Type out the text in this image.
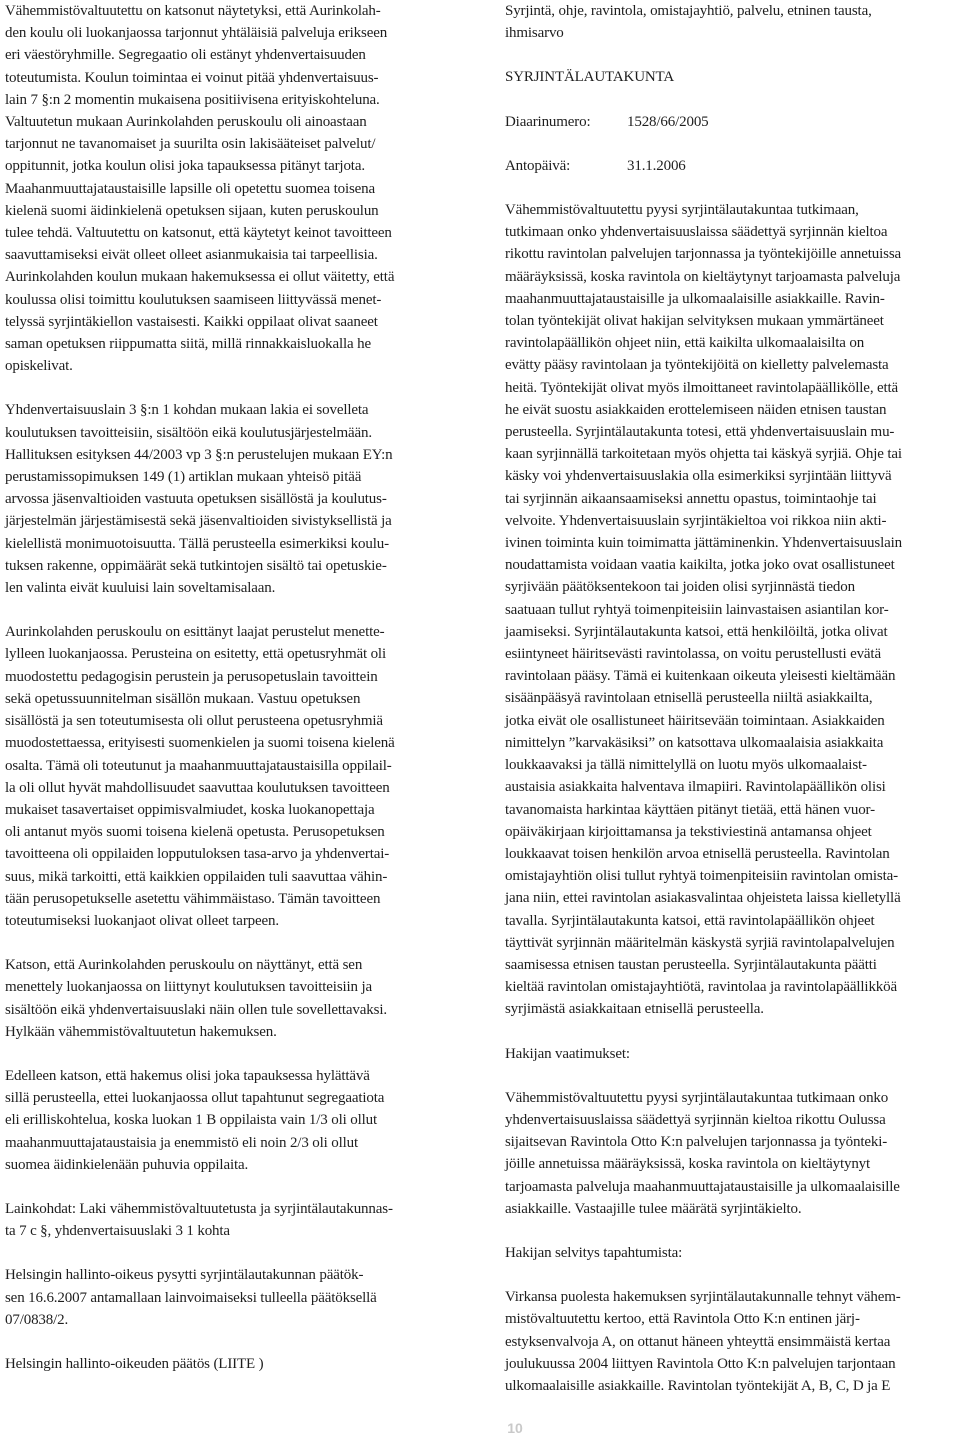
Vähemmistövaltuutettu on katsonut näytetyksi, että Aurinkolah-
den koulu oli luokanjaossa tarjonnut yhtäläisiä palveluja erikseen
eri väestöryhmille. Segregaatio oli estänyt yhdenvertaisuuden
toteutumista. Koulun toimintaa ei voinut pitää yhdenvertaisuus-
lain 7 §:n 2 momentin mukaisena positiivisena erityiskohteluna.

Valtuutetun mukaan Aurinkolahden peruskoulu oli ainoastaan
tarjonnut ne tavanomaiset ja suurilta osin lakisääteiset palvelut/
oppitunnit, jotka koulun olisi joka tapauksessa pitänyt tarjota.

Maahanmuuttajataustaisille lapsille oli opetettu suomea toisena
kielenä suomi äidinkielenä opetuksen sijaan, kuten peruskoulun
tulee tehdä. Valtuutettu on katsonut, että käytetyt keinot tavoitteen
saavuttamiseksi eivät olleet olleet asianmukaisia tai tarpeellisia.

Aurinkolahden koulun mukaan hakemuksessa ei ollut väitetty, että
koulussa olisi toimittu koulutuksen saamiseen liittyvässä menet-
telyssä syrjintäkiellon vastaisesti. Kaikki oppilaat olivat saaneet
saman opetuksen riippumatta siitä, millä rinnakkaisluokalla he
opiskelivat.

Yhdenvertaisuuslain 3 §:n 1 kohdan mukaan lakia ei sovelleta
koulutuksen tavoitteisiin, sisältöön eikä koulutusjärjestelmään.
Hallituksen esityksen 44/2003 vp 3 §:n perustelujen mukaan EY:n
perustamissopimuksen 149 (1) artiklan mukaan yhteisö pitää
arvossa jäsenvaltioiden vastuuta opetuksen sisällöstä ja koulutus-
järjestelmän järjestämisestä sekä jäsenvaltioiden sivistyksellistä ja
kielellistä monimuotoisuutta. Tällä perusteella esimerkiksi koulu-
tuksen rakenne, oppimäärät sekä tutkintojen sisältö tai opetuskie-
len valinta eivät kuuluisi lain soveltamisalaan.

Aurinkolahden peruskoulu on esittänyt laajat perustelut menette-
lylleen luokanjaossa. Perusteina on esitetty, että opetusryhmät oli
muodostettu pedagogisin perustein ja perusopetuslain tavoittein
sekä opetussuunnitelman sisällön mukaan. Vastuu opetuksen
sisällöstä ja sen toteutumisesta oli ollut perusteena opetusryhmiä
muodostettaessa, erityisesti suomenkielen ja suomi toisena kielenä
osalta. Tämä oli toteutunut ja maahanmuuttajataustaisilla oppilail-
la oli ollut hyvät mahdollisuudet saavuttaa koulutuksen tavoitteen
mukaiset tasavertaiset oppimisvalmiudet, koska luokanopettaja
oli antanut myös suomi toisena kielenä opetusta. Perusopetuksen
tavoitteena oli oppilaiden lopputuloksen tasa-arvo ja yhdenvertai-
suus, mikä tarkoitti, että kaikkien oppilaiden tuli saavuttaa vähin-
tään perusopetukselle asetettu vähimmäistaso. Tämän tavoitteen
toteutumiseksi luokanjaot olivat olleet tarpeen.

Katson, että Aurinkolahden peruskoulu on näyttänyt, että sen
menettely luokanjaossa on liittynyt koulutuksen tavoitteisiin ja
sisältöön eikä yhdenvertaisuuslaki näin ollen tule sovellettavaksi.
Hylkään vähemmistövaltuutetun hakemuksen.

Edelleen katson, että hakemus olisi joka tapauksessa hylättävä
sillä perusteella, ettei luokanjaossa ollut tapahtunut segregaatiota
eli erilliskohtelua, koska luokan 1 B oppilaista vain 1/3 oli ollut
maahanmuuttajataustaisia ja enemmistö eli noin 2/3 oli ollut
suomea äidinkielenään puhuvia oppilaita.

Lainkohdat: Laki vähemmistövaltuutetusta ja syrjintälautakunnas-
ta 7 c §, yhdenvertaisuuslaki 3 1 kohta

Helsingin hallinto-oikeus pysytti syrjintälautakunnan päätök-
sen 16.6.2007 antamallaan lainvoimaiseksi tulleella päätöksellä
07/0838/2.

Helsingin hallinto-oikeuden päätös (LIITE )

Syrjintä, ohje, ravintola, omistajayhtiö, palvelu, etninen tausta,
ihmisarvo

SYRJINTÄLAUTAKUNTA

Diaarinumero:	1528/66/2005
Antopäivä:	31.1.2006

Vähemmistövaltuutettu pyysi syrjintälautakuntaa tutkimaan,
tutkimaan onko yhdenvertaisuuslaissa säädettyä syrjinnän kieltoa
rikottu ravintolan palvelujen tarjonnassa ja työntekijöille annetuissa
määräyksissä, koska ravintola on kieltäytynyt tarjoamasta palveluja
maahanmuuttajataustaisille ja ulkomaalaisille asiakkaille. Ravin-
tolan työntekijät olivat hakijan selvityksen mukaan ymmärtäneet
ravintolapäällikön ohjeet niin, että kaikilta ulkomaalaisilta on
evätty pääsy ravintolaan ja työntekijöitä on kielletty palvelemasta
heitä. Työntekijät olivat myös ilmoittaneet ravintolapäällikölle, että
he eivät suostu asiakkaiden erottelemiseen näiden etnisen taustan
perusteella. Syrjintälautakunta totesi, että yhdenvertaisuuslain mu-
kaan syrjinnällä tarkoitetaan myös ohjetta tai käskyä syrjiä. Ohje tai
käsky voi yhdenvertaisuuslakia olla esimerkiksi syrjintään liittyvä
tai syrjinnän aikaansaamiseksi annettu opastus, toimintaohje tai
velvoite. Yhdenvertaisuuslain syrjintäkieltoa voi rikkoa niin akti-
ivinen toiminta kuin toimimatta jättäminenkin. Yhdenvertaisuuslain
noudattamista voidaan vaatia kaikilta, jotka joko ovat osallistuneet
syrjivään päätöksentekoon tai joiden olisi syrjinnästä tiedon
saatuaan tullut ryhtyä toimenpiteisiin lainvastaisen asiantilan kor-
jaamiseksi. Syrjintälautakunta katsoi, että henkilöiltä, jotka olivat
esiintyneet häiritsevästi ravintolassa, on voitu perustellusti evätä
ravintolaan pääsy. Tämä ei kuitenkaan oikeuta yleisesti kieltämään
sisäänpääsyä ravintolaan etnisellä perusteella niiltä asiakkailta,
jotka eivät ole osallistuneet häiritsevään toimintaan. Asiakkaiden
nimittelyn ”karvakäsiksi” on katsottava ulkomaalaisia asiakkaita
loukkaavaksi ja tällä nimittelyllä on luotu myös ulkomaalaist-
austaisia asiakkaita halventava ilmapiiri. Ravintolapäällikön olisi
tavanomaista harkintaa käyttäen pitänyt tietää, että hänen vuor-
opäiväkirjaan kirjoittamansa ja tekstiviestinä antamansa ohjeet
loukkaavat toisen henkilön arvoa etnisellä perusteella. Ravintolan
omistajayhtiön olisi tullut ryhtyä toimenpiteisiin ravintolan omista-
jana niin, ettei ravintolan asiakasvalintaa ohjeisteta laissa kielletyllä
tavalla. Syrjintälautakunta katsoi, että ravintolapäällikön ohjeet
täyttivät syrjinnän määritelmän käskystä syrjiä ravintolapalvelujen
saamisessa etnisen taustan perusteella. Syrjintälautakunta päätti
kieltää ravintolan omistajayhtiötä, ravintolaa ja ravintolapäällikköä
syrjimästä asiakkaitaan etnisellä perusteella.

Hakijan vaatimukset:

Vähemmistövaltuutettu pyysi syrjintälautakuntaa tutkimaan onko
yhdenvertaisuuslaissa säädettyä syrjinnän kieltoa rikottu Oulussa
sijaitsevan Ravintola Otto K:n palvelujen tarjonnassa ja työnteki-
jöille annetuissa määräyksissä, koska ravintola on kieltäytynyt
tarjoamasta palveluja maahanmuuttajataustaisille ja ulkomaalaisille
asiakkaille. Vastaajille tulee määrätä syrjintäkielto.

Hakijan selvitys tapahtumista:

Virkansa puolesta hakemuksen syrjintälautakunnalle tehnyt vähem-
mistövaltuutettu kertoo, että Ravintola Otto K:n entinen järj-
estyksenvalvoja A, on ottanut häneen yhteyttä ensimmäistä kertaa
joulukuussa 2004 liittyen Ravintola Otto K:n palvelujen tarjontaan
ulkomaalaisille asiakkaille. Ravintolan työntekijät A, B, C, D ja E

10
